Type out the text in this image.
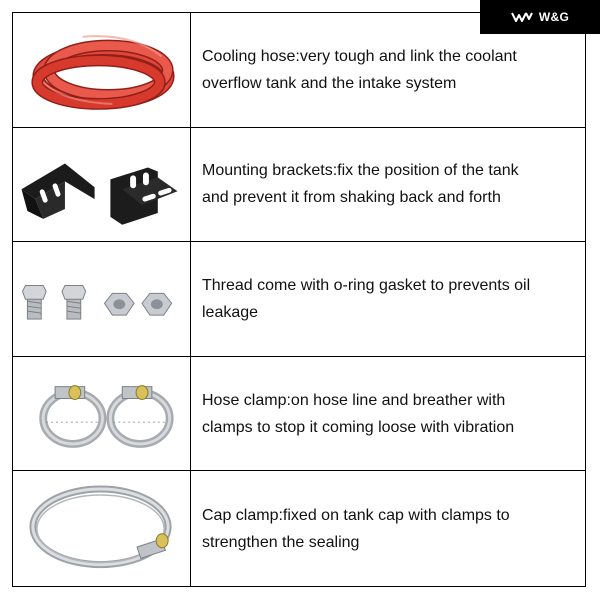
W&G

Cooling hose:very tough and link the coolant
overflow tank and the intake system

Mounting brackets:fix the position of the tank
and prevent it from shaking back and forth

Thread come with o-ring gasket to prevents oil
leakage

Hose clamp:on hose line and breather with
clamps to stop it coming loose with vibration

Cap clamp:fixed on tank cap with clamps to
strengthen the sealing
